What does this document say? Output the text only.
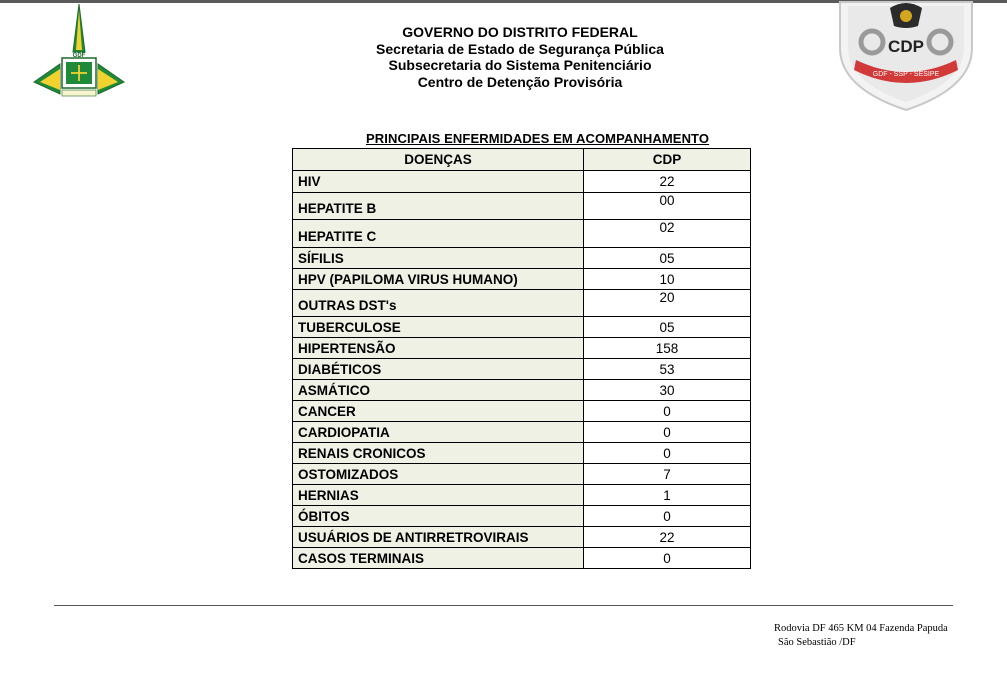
GDF	CDP
GDF - SSP - SESIPE
GOVERNO DO DISTRITO FEDERAL
Secretaria de Estado de Segurança Pública
Subsecretaria do Sistema Penitenciário
Centro de Detenção Provisória
PRINCIPAIS ENFERMIDADES EM ACOMPANHAMENTO
DOENÇAS	CDP
HIV	22
HEPATITE B	00
HEPATITE C	02
SÍFILIS	05
HPV (PAPILOMA VIRUS HUMANO)	10
OUTRAS DST's	20
TUBERCULOSE	05
HIPERTENSÃO	158
DIABÉTICOS	53
ASMÁTICO	30
CANCER	0
CARDIOPATIA	0
RENAIS CRONICOS	0
OSTOMIZADOS	7
HERNIAS	1
ÓBITOS	0
USUÁRIOS DE ANTIRRETROVIRAIS	22
CASOS TERMINAIS	0
Rodovia DF 465 KM 04 Fazenda Papuda
São Sebastião /DF
